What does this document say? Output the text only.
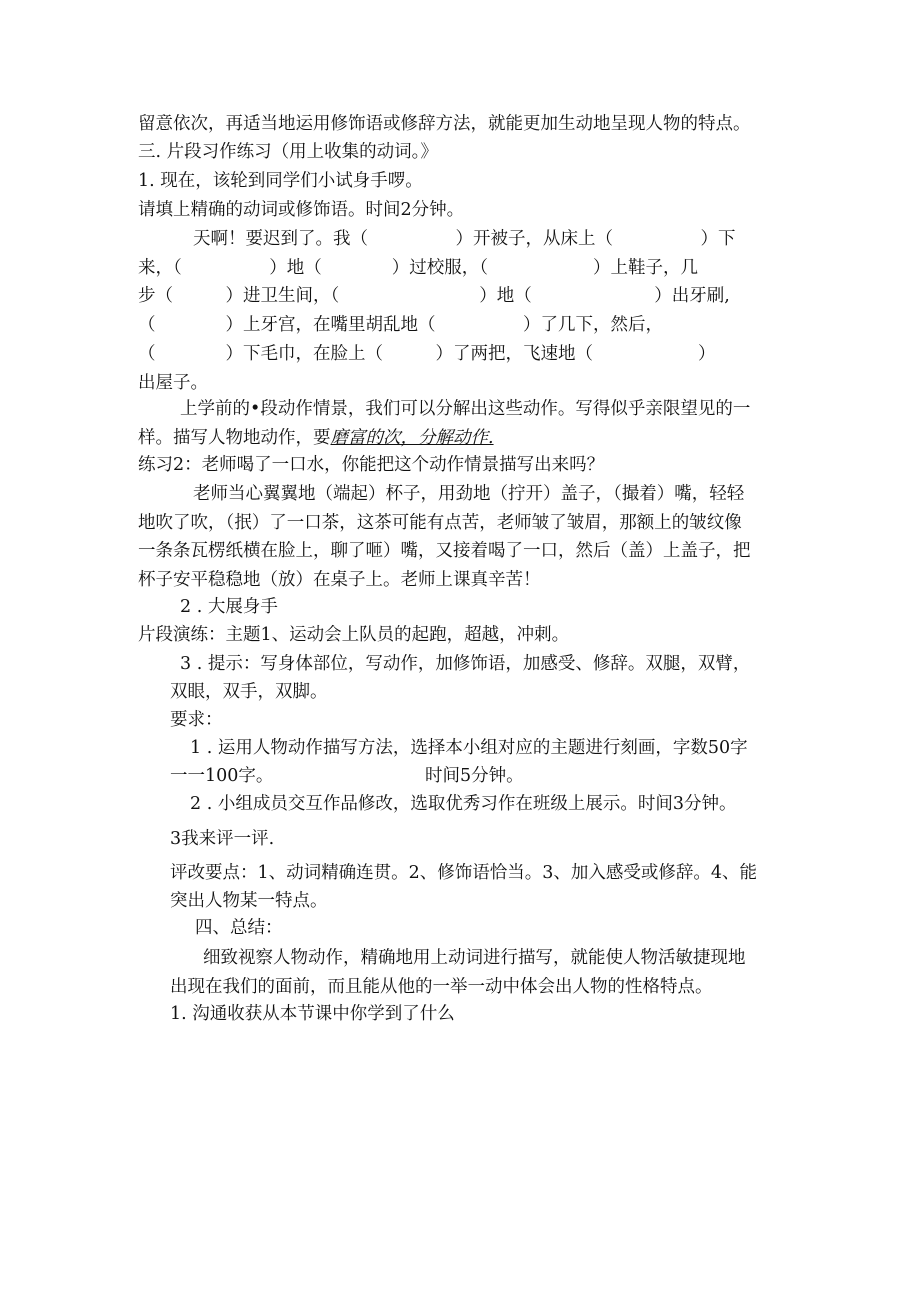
留意依次，再适当地运用修饰语或修辞方法，就能更加生动地呈现人物的特点。
三. 片段习作练习（用上收集的动词。》
1. 现在，该轮到同学们小试身手啰。
请填上精确的动词或修饰语。时间2分钟。
天啊！要迟到了。我（　　　　　）开被子，从床上（　　　　　）下
来，（　　　　　）地（　　　　）过校服，（　　　　　　）上鞋子，几
步（　　　）进卫生间，（　　　　　　　　）地（　　　　　　　）出牙刷,
（　　　　）上牙宫，在嘴里胡乱地（　　　　　）了几下，然后，
（　　　　）下毛巾，在脸上（　　　）了两把，飞速地（　　　　　　）
出屋子。
上学前的•段动作情景，我们可以分解出这些动作。写得似乎亲限望见的一
样。描写人物地动作，要磨富的次，分解动作.
练习2：老师喝了一口水，你能把这个动作情景描写出来吗？
老师当心翼翼地（端起）杯子，用劲地（拧开）盖子，（撮着）嘴，轻轻
地吹了吹，（抿）了一口茶，这茶可能有点苦，老师皱了皱眉，那额上的皱纹像
一条条瓦楞纸横在脸上，聊了咂）嘴，又接着喝了一口，然后（盖）上盖子，把
杯子安平稳稳地（放）在桌子上。老师上课真辛苦！
2 . 大展身手
片段演练：主题1、运动会上队员的起跑，超越，冲刺。
3 . 提示：写身体部位，写动作，加修饰语，加感受、修辞。双腿，双臂，
双眼，双手，双脚。
要求：
1 . 运用人物动作描写方法，选择本小组对应的主题进行刻画，字数50字
一一100字。	时间5分钟。
2 . 小组成员交互作品修改，选取优秀习作在班级上展示。时间3分钟。
3我来评一评.
评改要点：1、动词精确连贯。2、修饰语恰当。3、加入感受或修辞。4、能
突出人物某一特点。
四、总结：
细致视察人物动作，精确地用上动词进行描写，就能使人物活敏捷现地
出现在我们的面前，而且能从他的一举一动中体会出人物的性格特点。
1. 沟通收获从本节课中你学到了什么
